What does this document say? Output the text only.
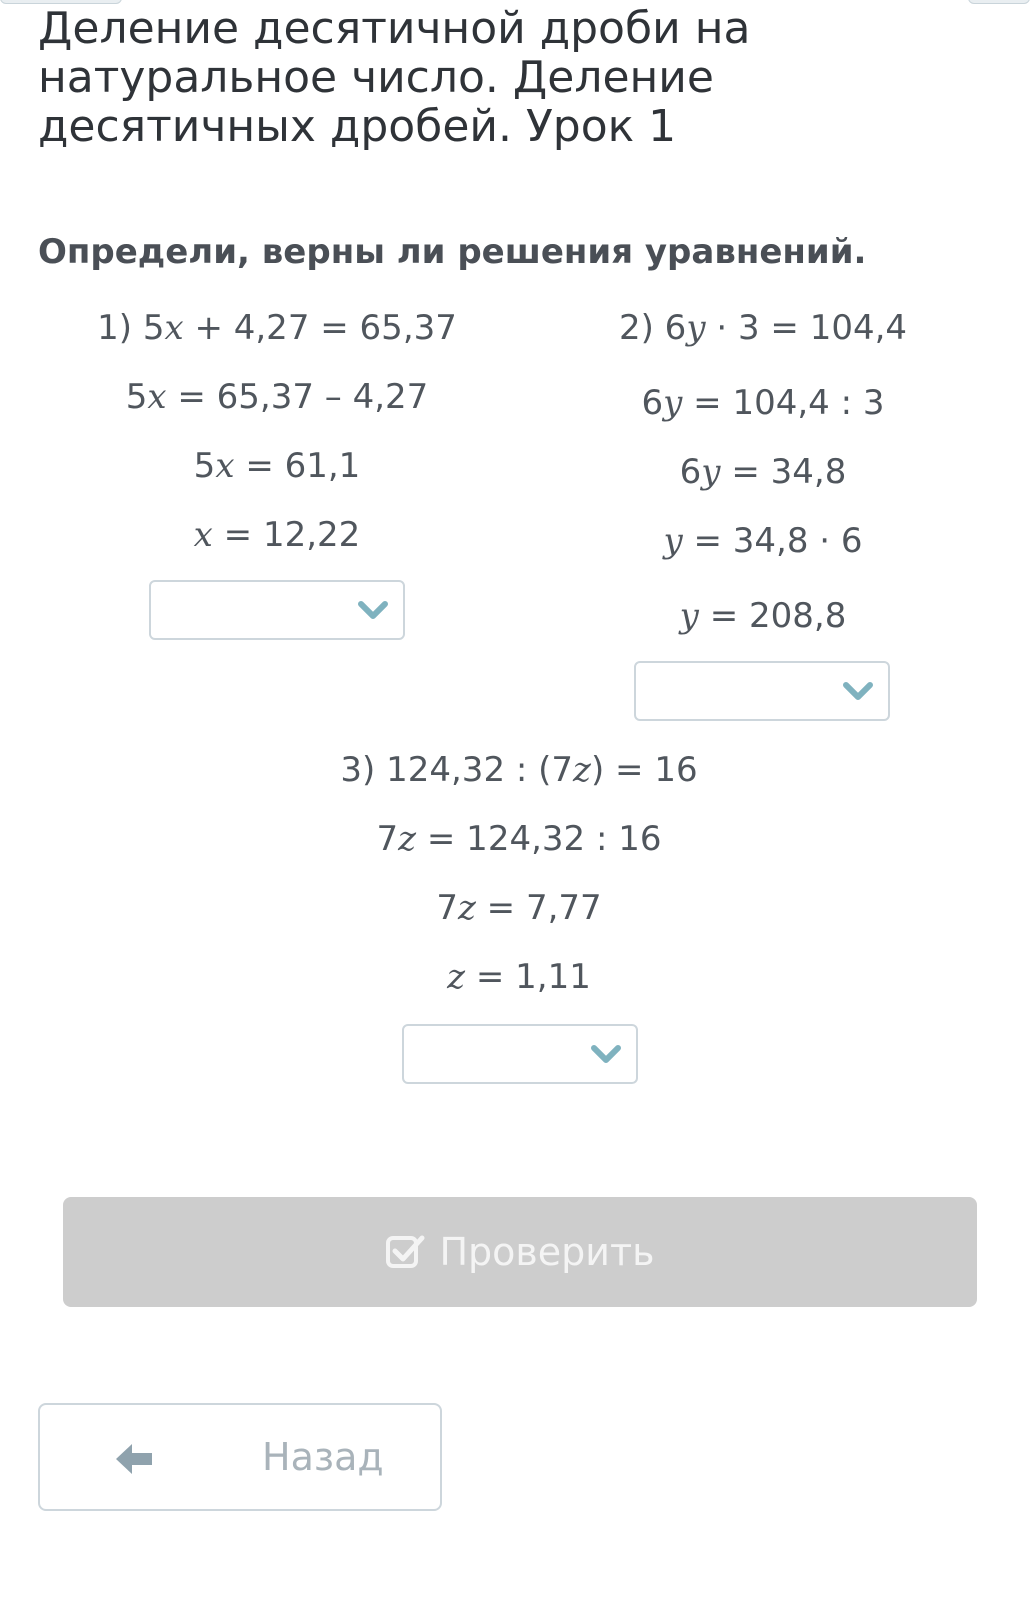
Деление десятичной дроби на натуральное число. Деление десятичных дробей. Урок 1

Определи, верны ли решения уравнений.

1) 5x + 4,27 = 65,37
5x = 65,37 – 4,27
5x = 61,1
x = 12,22
2) 6y · 3 = 104,4
6y = 104,4 : 3
6y = 34,8
y = 34,8 · 6
y = 208,8
3) 124,32 : (7z) = 16
7z = 124,32 : 16
7z = 7,77
z = 1,11
Проверить
Назад
